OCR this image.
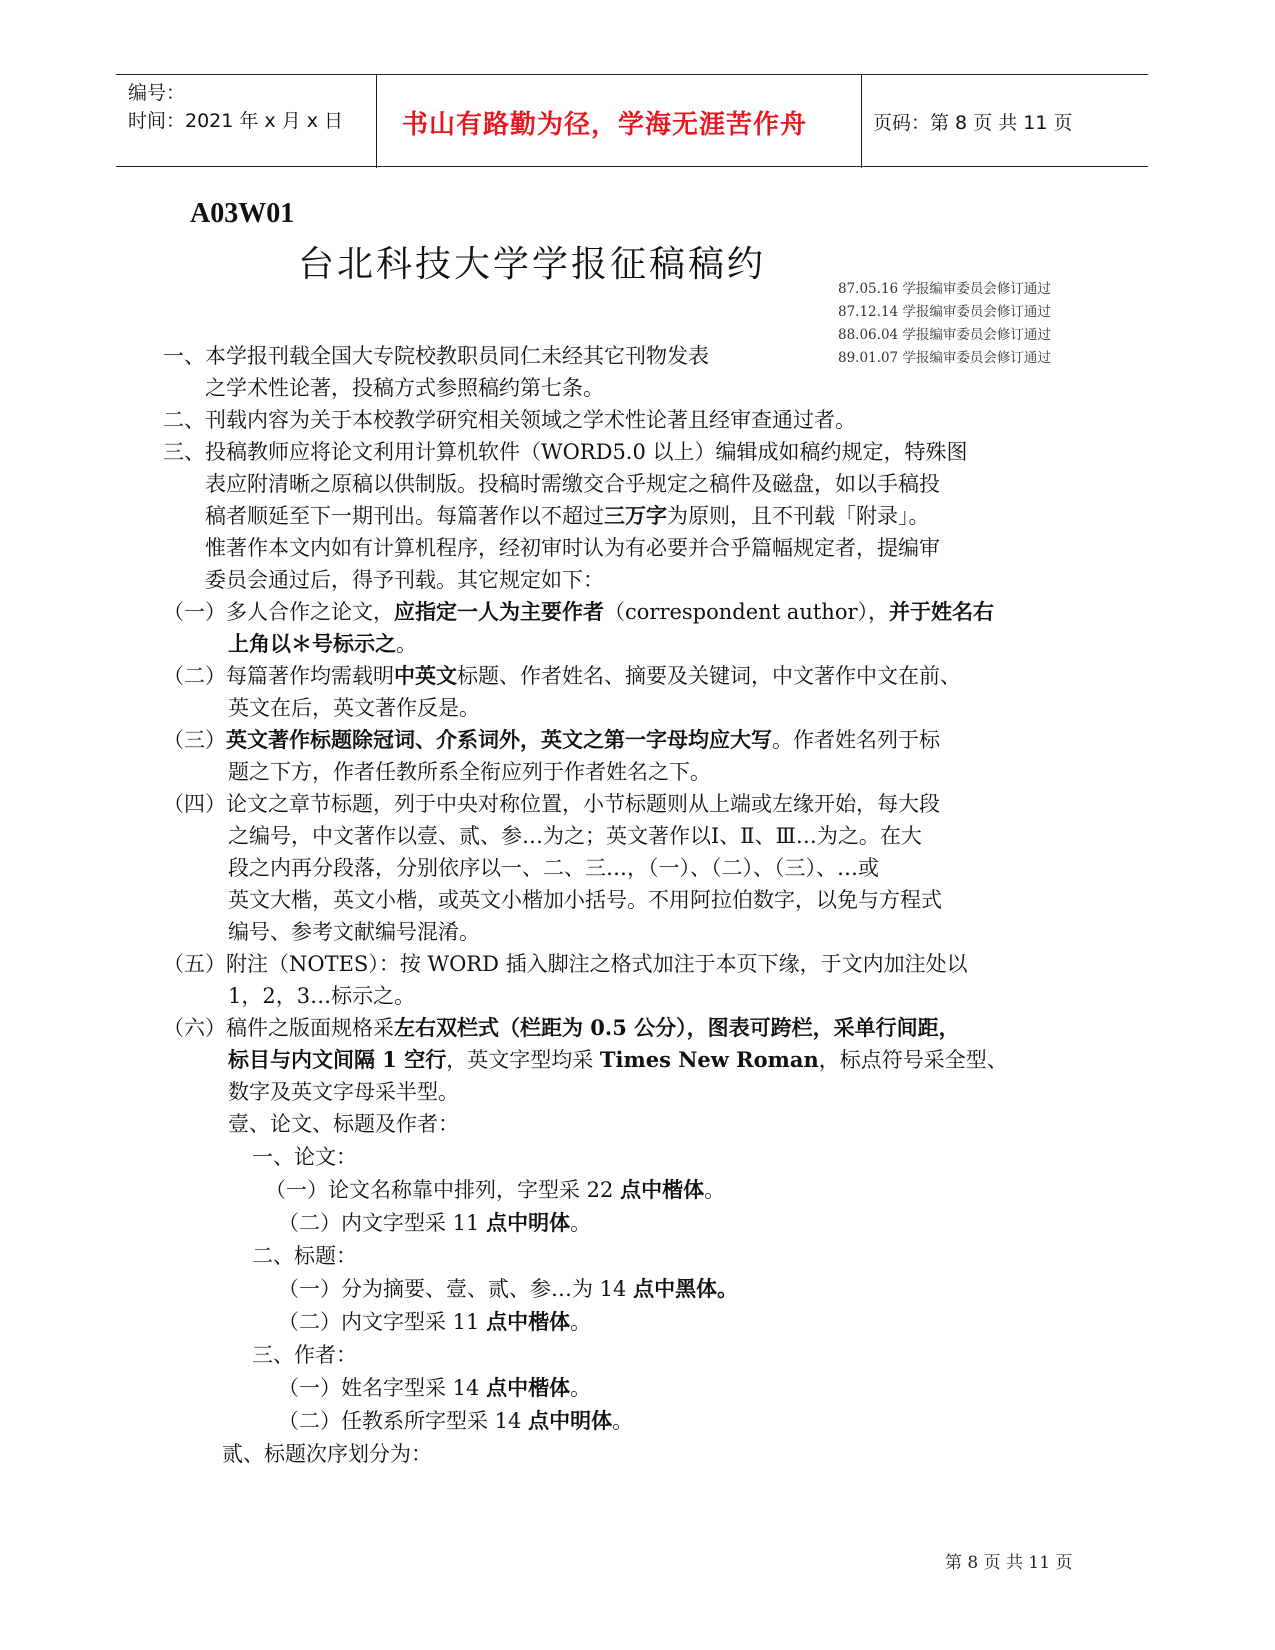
编号：
时间：2021 年 x 月 x 日 书山有路勤为径，学海无涯苦作舟	页码：第 8 页 共 11 页
A03W01
台北科技大学学报征稿稿约
87.05.16 学报编审委员会修订通过
87.12.14 学报编审委员会修订通过
88.06.04 学报编审委员会修订通过
89.01.07 学报编审委员会修订通过
一、本学报刊载全国大专院校教职员同仁未经其它刊物发表
之学术性论著，投稿方式参照稿约第七条。
二、刊载内容为关于本校教学研究相关领域之学术性论著且经审查通过者。
三、投稿教师应将论文利用计算机软件（WORD5.0 以上）编辑成如稿约规定，特殊图
表应附清晰之原稿以供制版。投稿时需缴交合乎规定之稿件及磁盘，如以手稿投
稿者顺延至下一期刊出。每篇著作以不超过三万字为原则，且不刊载「附录」。
惟著作本文内如有计算机程序，经初审时认为有必要并合乎篇幅规定者，提编审
委员会通过后，得予刊载。其它规定如下：
（一）多人合作之论文，应指定一人为主要作者（correspondent author），并于姓名右
上角以＊号标示之。
（二）每篇著作均需载明中英文标题、作者姓名、摘要及关键词，中文著作中文在前、
英文在后，英文著作反是。
（三）英文著作标题除冠词、介系词外，英文之第一字母均应大写。作者姓名列于标
题之下方，作者任教所系全衔应列于作者姓名之下。
（四）论文之章节标题，列于中央对称位置，小节标题则从上端或左缘开始，每大段
之编号，中文著作以壹、贰、参…为之；英文著作以Ⅰ、Ⅱ、Ⅲ…为之。在大
段之内再分段落，分别依序以一、二、三…，（一）、（二）、（三）、…或
英文大楷，英文小楷，或英文小楷加小括号。不用阿拉伯数字，以免与方程式
编号、参考文献编号混淆。
（五）附注（NOTES）：按 WORD 插入脚注之格式加注于本页下缘，于文内加注处以
1，2，3…标示之。
（六）稿件之版面规格采左右双栏式（栏距为 0.5 公分），图表可跨栏，采单行间距，
标目与内文间隔 1 空行，英文字型均采 Times New Roman，标点符号采全型、
数字及英文字母采半型。
壹、论文、标题及作者：
一、论文：
（一）论文名称靠中排列，字型采 22 点中楷体。
（二）内文字型采 11 点中明体。
二、标题：
（一）分为摘要、壹、贰、参…为 14 点中黑体。
（二）内文字型采 11 点中楷体。
三、作者：
（一）姓名字型采 14 点中楷体。
（二）任教系所字型采 14 点中明体。
贰、标题次序划分为：
第 8 页 共 11 页
